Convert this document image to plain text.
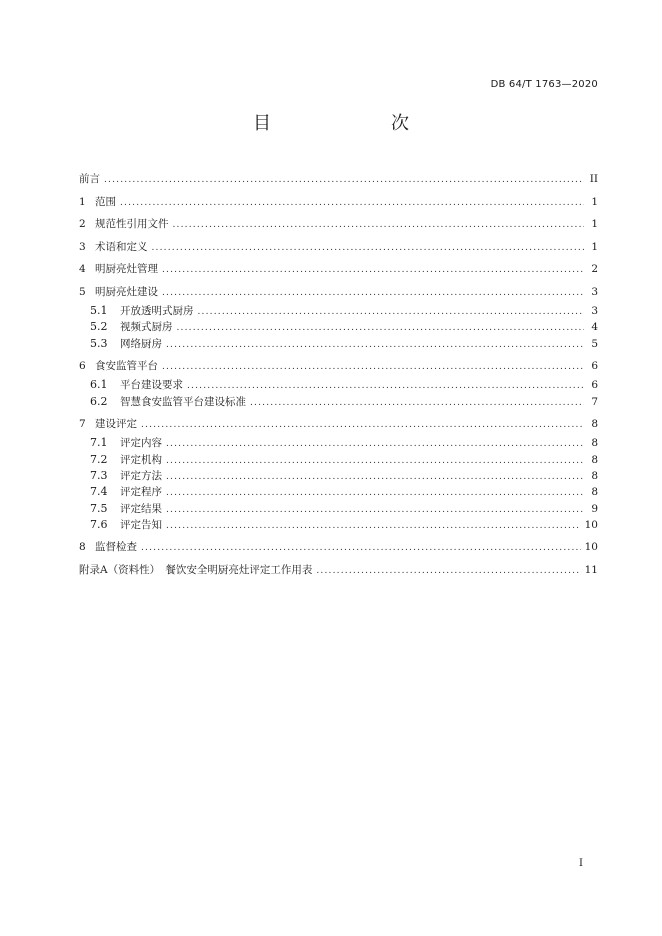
DB 64/T 1763—2020
目　　次
前言 .....	II
1 范围 .....	1
2 规范性引用文件 .....	1
3 术语和定义 .....	1
4 明厨亮灶管理 .....	2
5 明厨亮灶建设 .....	3
5.1	开放透明式厨房 .....	3
5.2	视频式厨房 .....	4
5.3	网络厨房 .....	5
6 食安监管平台 .....	6
6.1	平台建设要求 .....	6
6.2	智慧食安监管平台建设标准 .....	7
7 建设评定 .....	8
7.1	评定内容 .....	8
7.2	评定机构 .....	8
7.3	评定方法 .....	8
7.4	评定程序 .....	8
7.5	评定结果 .....	9
7.6	评定告知 .....	10
8 监督检查 .....	10
附录A（资料性）　餐饮安全明厨亮灶评定工作用表 .....	11
I
